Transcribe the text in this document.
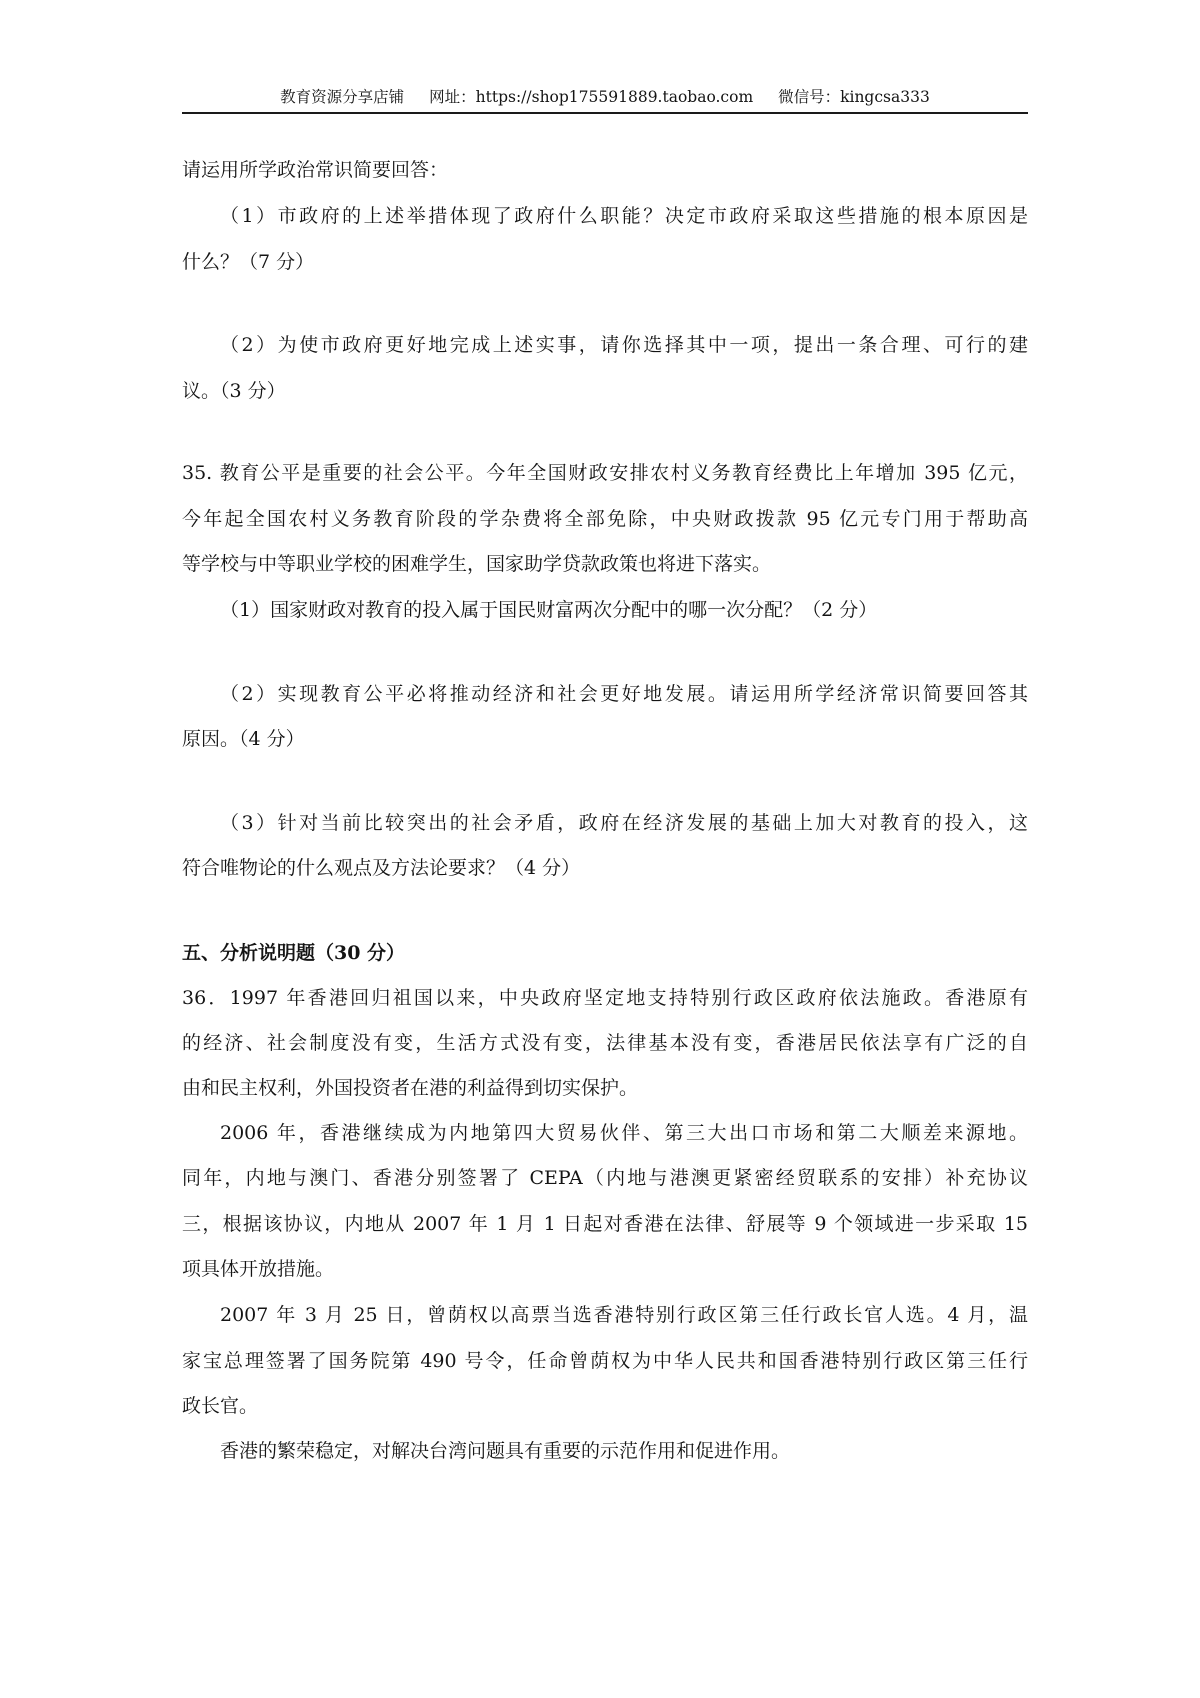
教育资源分享店铺 网址：https://shop175591889.taobao.com 微信号：kingcsa333
请运用所学政治常识简要回答：
（1）市政府的上述举措体现了政府什么职能？决定市政府采取这些措施的根本原因是
什么？（7 分）
（2）为使市政府更好地完成上述实事，请你选择其中一项，提出一条合理、可行的建
议。（3 分）
35. 教育公平是重要的社会公平。今年全国财政安排农村义务教育经费比上年增加 395 亿元，
今年起全国农村义务教育阶段的学杂费将全部免除，中央财政拨款 95 亿元专门用于帮助高
等学校与中等职业学校的困难学生，国家助学贷款政策也将进下落实。
（1）国家财政对教育的投入属于国民财富两次分配中的哪一次分配？（2 分）
（2）实现教育公平必将推动经济和社会更好地发展。请运用所学经济常识简要回答其
原因。（4 分）
（3）针对当前比较突出的社会矛盾，政府在经济发展的基础上加大对教育的投入，这
符合唯物论的什么观点及方法论要求？（4 分）
五、分析说明题（30 分）
36．1997 年香港回归祖国以来，中央政府坚定地支持特别行政区政府依法施政。香港原有
的经济、社会制度没有变，生活方式没有变，法律基本没有变，香港居民依法享有广泛的自
由和民主权利，外国投资者在港的利益得到切实保护。
2006 年，香港继续成为内地第四大贸易伙伴、第三大出口市场和第二大顺差来源地。
同年，内地与澳门、香港分别签署了 CEPA（内地与港澳更紧密经贸联系的安排）补充协议
三，根据该协议，内地从 2007 年 1 月 1 日起对香港在法律、舒展等 9 个领域进一步采取 15
项具体开放措施。
2007 年 3 月 25 日，曾荫权以高票当选香港特别行政区第三任行政长官人选。4 月，温
家宝总理签署了国务院第 490 号令，任命曾荫权为中华人民共和国香港特别行政区第三任行
政长官。
香港的繁荣稳定，对解决台湾问题具有重要的示范作用和促进作用。
